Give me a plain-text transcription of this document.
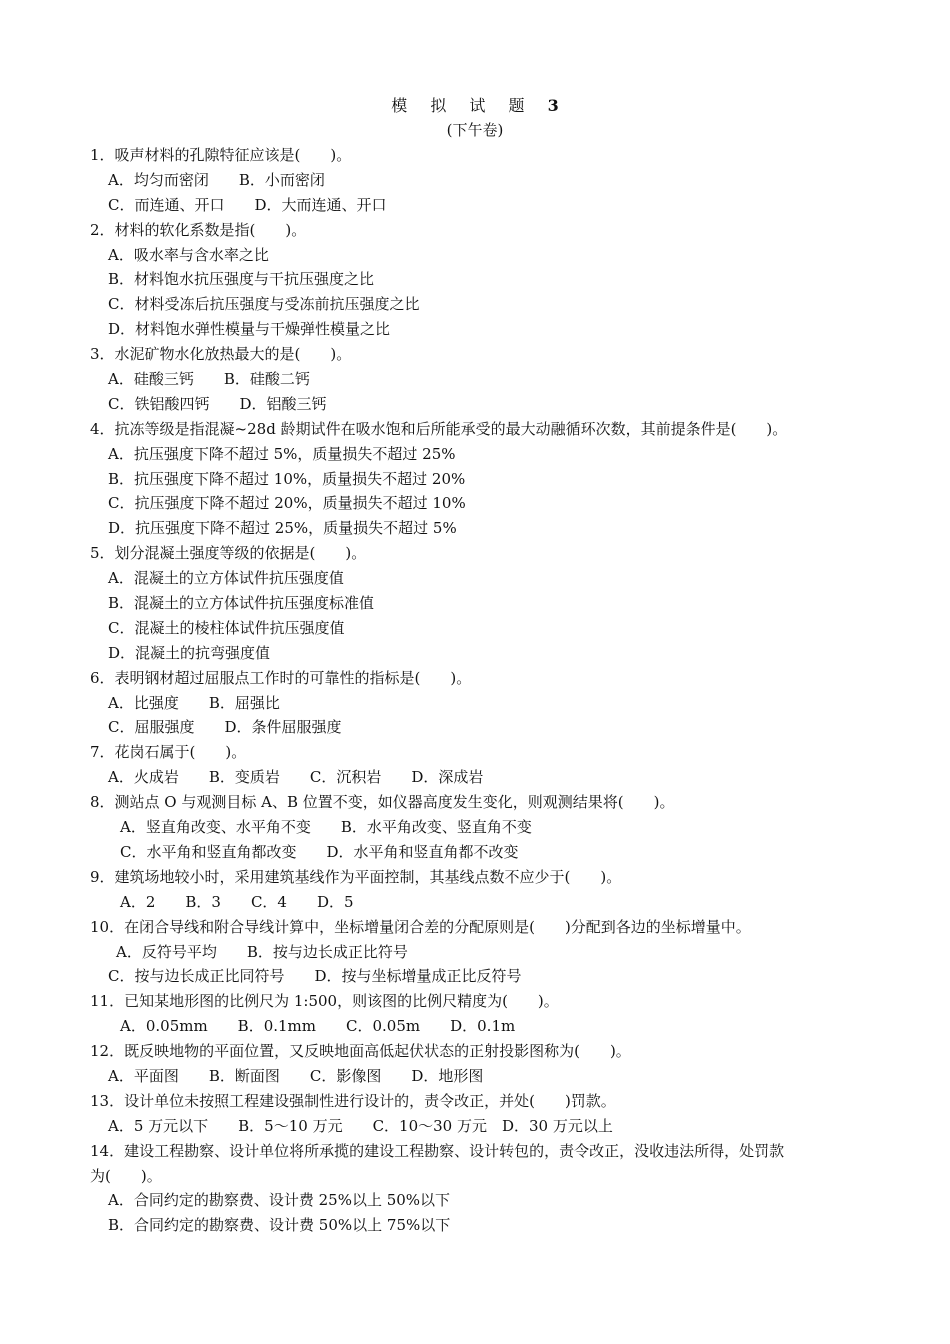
模 拟 试 题 3
(下午卷)
1．吸声材料的孔隙特征应该是(　　)。
A．均匀而密闭　　B．小而密闭
C．而连通、开口　　D．大而连通、开口
2．材料的软化系数是指(　　)。
A．吸水率与含水率之比
B．材料饱水抗压强度与干抗压强度之比
C．材料受冻后抗压强度与受冻前抗压强度之比
D．材料饱水弹性模量与干燥弹性模量之比
3．水泥矿物水化放热最大的是(　　)。
A．硅酸三钙　　B．硅酸二钙
C．铁铝酸四钙　　D．铝酸三钙
4．抗冻等级是指混凝~28d 龄期试件在吸水饱和后所能承受的最大动融循环次数，其前提条件是(　　)。
A．抗压强度下降不超过 5%，质量损失不超过 25%
B．抗压强度下降不超过 10%，质量损失不超过 20%
C．抗压强度下降不超过 20%，质量损失不超过 10%
D．抗压强度下降不超过 25%，质量损失不超过 5%
5．划分混凝土强度等级的依据是(　　)。
A．混凝土的立方体试件抗压强度值
B．混凝土的立方体试件抗压强度标准值
C．混凝土的棱柱体试件抗压强度值
D．混凝土的抗弯强度值
6．表明钢材超过屈服点工作时的可靠性的指标是(　　)。
A．比强度　　B．屈强比
C．屈服强度　　D．条件屈服强度
7．花岗石属于(　　)。
A．火成岩　　B．变质岩　　C．沉积岩　　D．深成岩
8．测站点 O 与观测目标 A、B 位置不变，如仪器高度发生变化，则观测结果将(　　)。
A．竖直角改变、水平角不变　　B．水平角改变、竖直角不变
C．水平角和竖直角都改变　　D．水平角和竖直角都不改变
9．建筑场地较小时，采用建筑基线作为平面控制，其基线点数不应少于(　　)。
A．2　　B．3　　C．4　　D．5
10．在闭合导线和附合导线计算中，坐标增量闭合差的分配原则是(　　)分配到各边的坐标增量中。
A．反符号平均　　B．按与边长成正比符号
C．按与边长成正比同符号　　D．按与坐标增量成正比反符号
11．已知某地形图的比例尺为 1:500，则该图的比例尺精度为(　　)。
A．0.05mm　　B．0.1mm　　C．0.05m　　D．0.1m
12．既反映地物的平面位置，又反映地面高低起伏状态的正射投影图称为(　　)。
A．平面图　　B．断面图　　C．影像图　　D．地形图
13．设计单位未按照工程建设强制性进行设计的，责令改正，并处(　　)罚款。
A．5 万元以下　　B．5～10 万元　　C．10～30 万元　D．30 万元以上
14．建设工程勘察、设计单位将所承揽的建设工程勘察、设计转包的，责令改正，没收违法所得，处罚款
为(　　)。
A．合同约定的勘察费、设计费 25%以上 50%以下
B．合同约定的勘察费、设计费 50%以上 75%以下
